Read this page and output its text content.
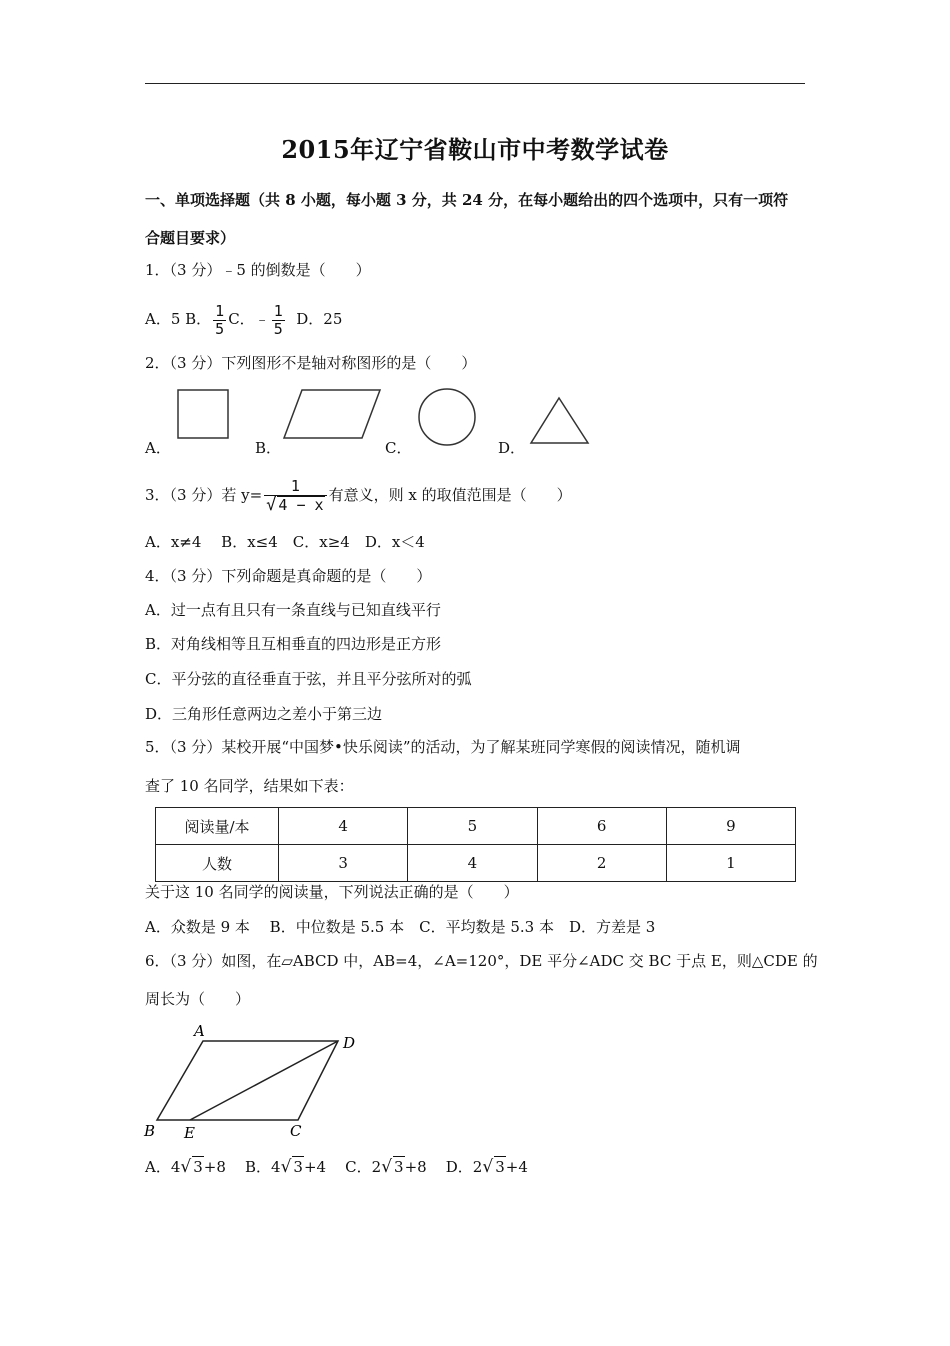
2015年辽宁省鞍山市中考数学试卷
一、单项选择题（共 8 小题，每小题 3 分，共 24 分，在每小题给出的四个选项中，只有一项符
合题目要求）
1．（3 分）﹣5 的倒数是（　　）
A．5 B． $\frac{1}{5}$ C．﹣ $\frac{1}{5}$ D．25
2．（3 分）下列图形不是轴对称图形的是（　　）
A．	B．	C．	D．
3．（3 分）若 $y= \frac{1}{√ 4 - x}$ 有意义，则 x 的取值范围是（　　）
A．x≠4　 B．x≤4　C．x≥4　D．x＜4
4．（3 分）下列命题是真命题的是（　　）
A．过一点有且只有一条直线与已知直线平行
B．对角线相等且互相垂直的四边形是正方形
C．平分弦的直径垂直于弦，并且平分弦所对的弧
D．三角形任意两边之差小于第三边
5．（3 分）某校开展“中国梦•快乐阅读”的活动，为了解某班同学寒假的阅读情况，随机调
查了 10 名同学，结果如下表：
阅读量/本	4	5	6	9
人数	3	4	2	1
关于这 10 名同学的阅读量，下列说法正确的是（　　）
A．众数是 9 本　 B．中位数是 5.5 本　C．平均数是 5.3 本　D．方差是 3
6．（3 分）如图，在▱ABCD 中，AB=4，∠A=120°，DE 平分∠ADC 交 BC 于点 E，则△CDE 的
周长为（　　）
A
D
B E	C
A．4√ 3+8 B．4√ 3+4 C．2√ 3+8 D．2√ 3+4
